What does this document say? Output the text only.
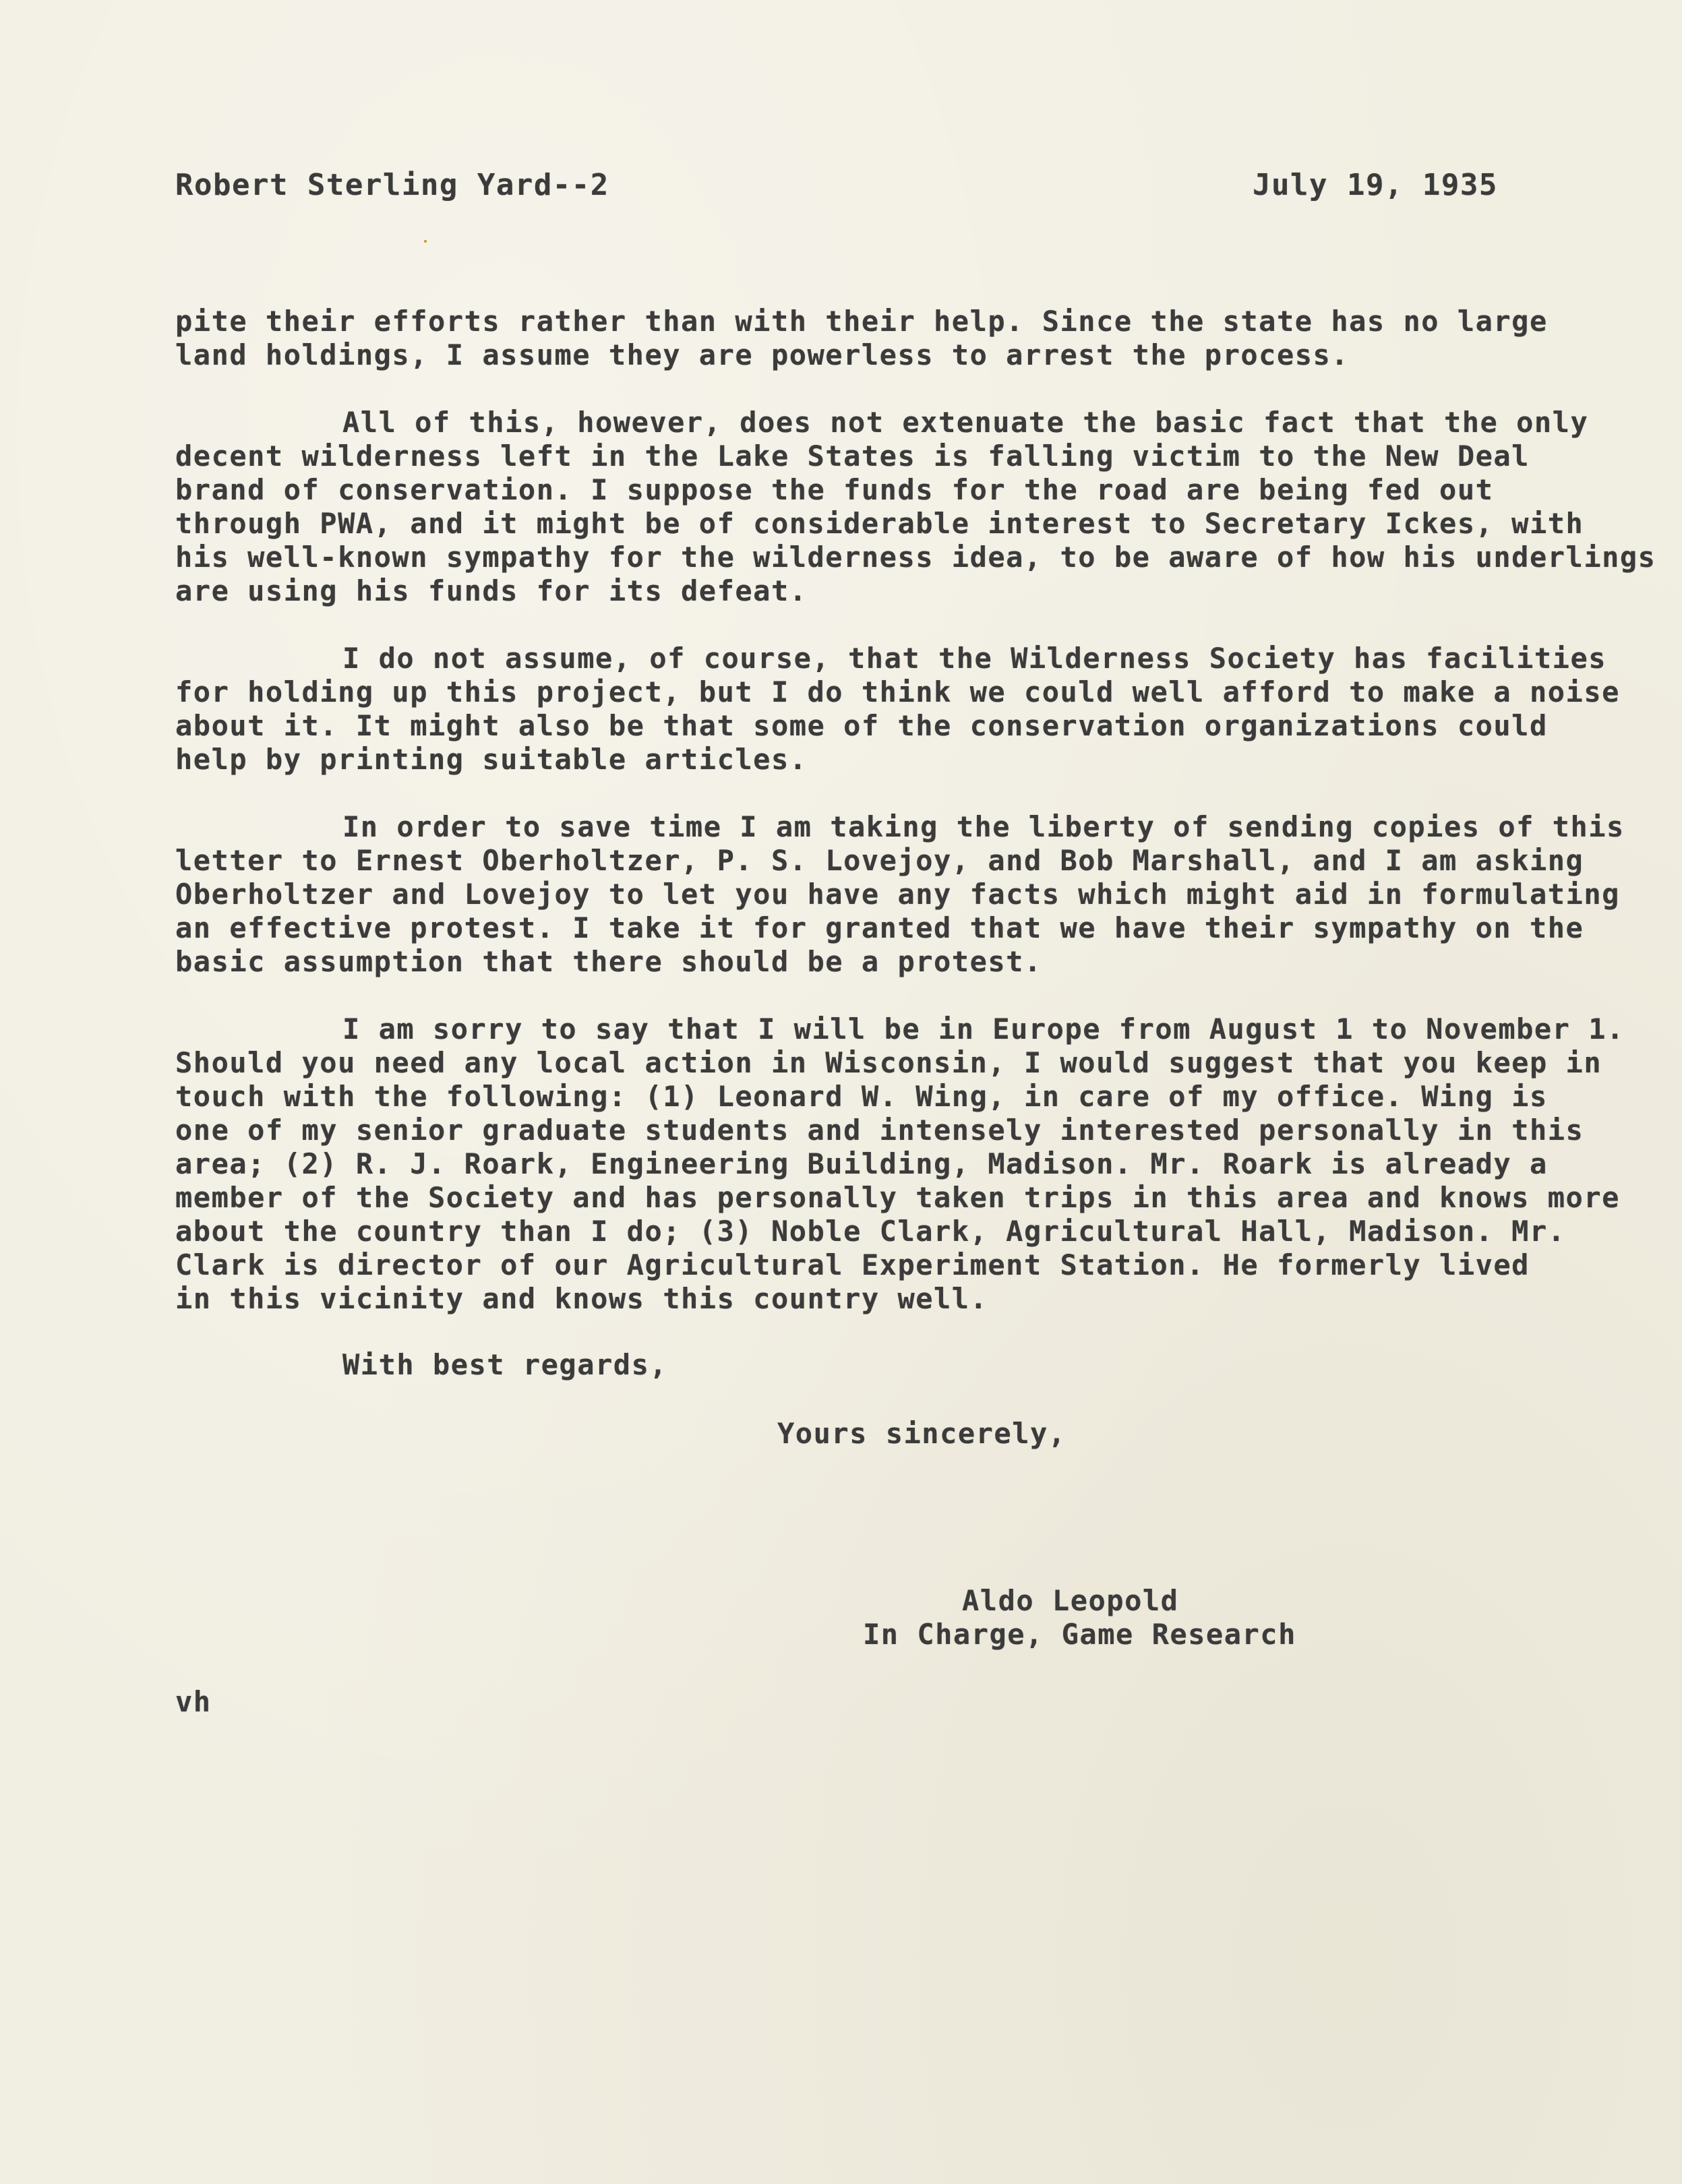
Robert Sterling Yard--2	July 19, 1935
pite their efforts rather than with their help. Since the state has no large
land holdings, I assume they are powerless to arrest the process.
All of this, however, does not extenuate the basic fact that the only
decent wilderness left in the Lake States is falling victim to the New Deal
brand of conservation. I suppose the funds for the road are being fed out
through PWA, and it might be of considerable interest to Secretary Ickes, with
his well-known sympathy for the wilderness idea, to be aware of how his underlings
are using his funds for its defeat.
I do not assume, of course, that the Wilderness Society has facilities
for holding up this project, but I do think we could well afford to make a noise
about it. It might also be that some of the conservation organizations could
help by printing suitable articles.
In order to save time I am taking the liberty of sending copies of this
letter to Ernest Oberholtzer, P. S. Lovejoy, and Bob Marshall, and I am asking
Oberholtzer and Lovejoy to let you have any facts which might aid in formulating
an effective protest. I take it for granted that we have their sympathy on the
basic assumption that there should be a protest.
I am sorry to say that I will be in Europe from August 1 to November 1.
Should you need any local action in Wisconsin, I would suggest that you keep in
touch with the following: (1) Leonard W. Wing, in care of my office. Wing is
one of my senior graduate students and intensely interested personally in this
area; (2) R. J. Roark, Engineering Building, Madison. Mr. Roark is already a
member of the Society and has personally taken trips in this area and knows more
about the country than I do; (3) Noble Clark, Agricultural Hall, Madison. Mr.
Clark is director of our Agricultural Experiment Station. He formerly lived
in this vicinity and knows this country well.
With best regards,
Yours sincerely,
Aldo Leopold
In Charge, Game Research
vh
